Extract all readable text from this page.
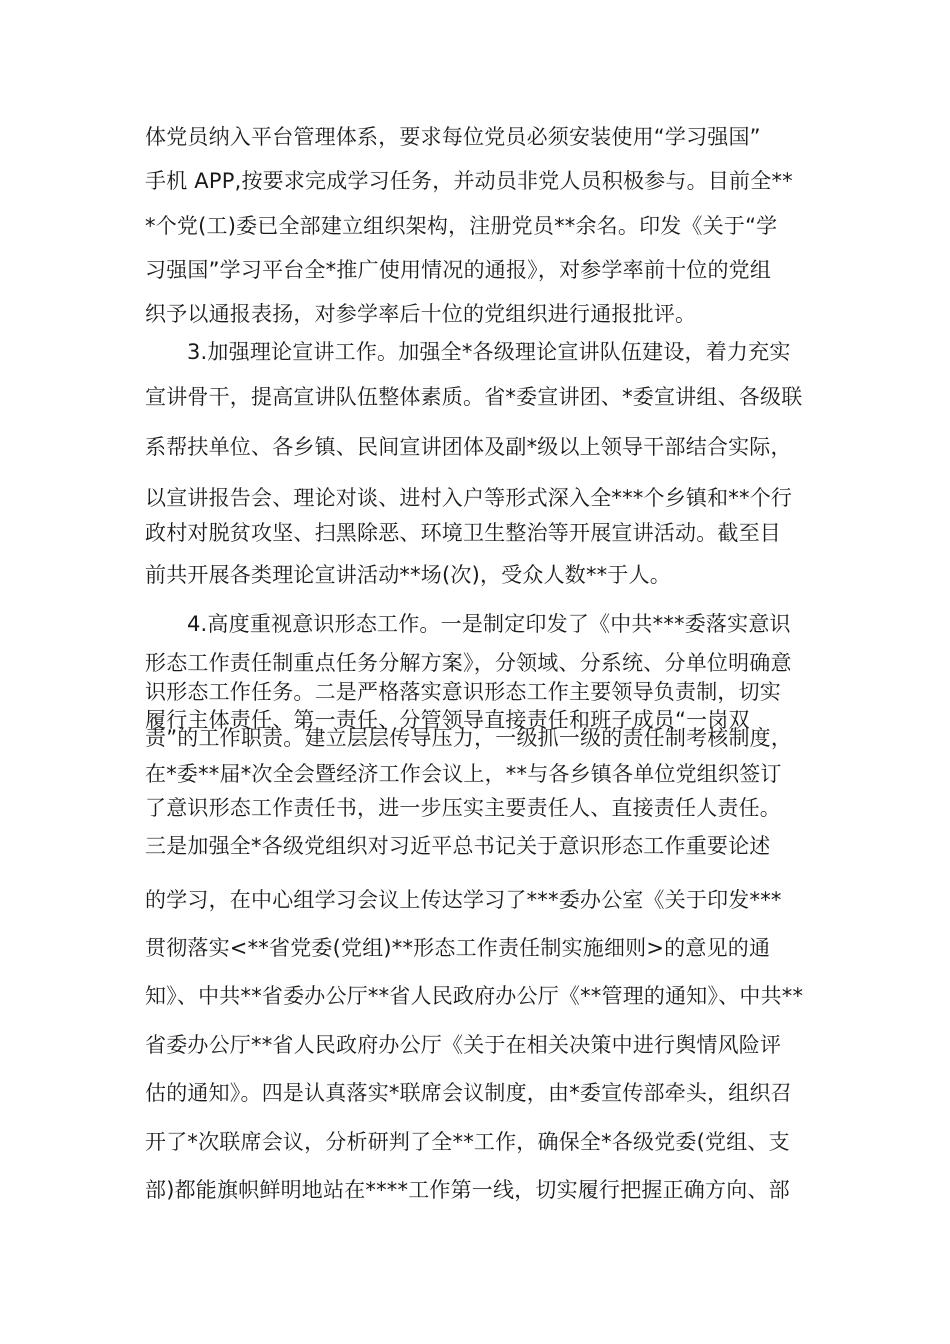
体党员纳入平台管理体系，要求每位党员必须安装使用“学习强国”
手机 APP,按要求完成学习任务，并动员非党人员积极参与。目前全**
*个党(工)委已全部建立组织架构，注册党员**余名。印发《关于“学
习强国”学习平台全*推广使用情况的通报》，对参学率前十位的党组
织予以通报表扬，对参学率后十位的党组织进行通报批评。
3.加强理论宣讲工作。加强全*各级理论宣讲队伍建设，着力充实
宣讲骨干，提高宣讲队伍整体素质。省*委宣讲团、*委宣讲组、各级联
系帮扶单位、各乡镇、民间宣讲团体及副*级以上领导干部结合实际，
以宣讲报告会、理论对谈、进村入户等形式深入全***个乡镇和**个行
政村对脱贫攻坚、扫黑除恶、环境卫生整治等开展宣讲活动。截至目
前共开展各类理论宣讲活动**场(次)，受众人数**于人。
4.高度重视意识形态工作。一是制定印发了《中共***委落实意识
形态工作责任制重点任务分解方案》，分领域、分系统、分单位明确意
识形态工作任务。二是严格落实意识形态工作主要领导负责制，切实
履行主体责任、第一责任、分管领导直接责任和班子成员“一岗双
责”的工作职责。建立层层传导压力，一级抓一级的责任制考核制度，
在*委**届*次全会暨经济工作会议上，**与各乡镇各单位党组织签订
了意识形态工作责任书，进一步压实主要责任人、直接责任人责任。
三是加强全*各级党组织对习近平总书记关于意识形态工作重要论述
的学习，在中心组学习会议上传达学习了***委办公室《关于印发***
贯彻落实<**省党委(党组)**形态工作责任制实施细则>的意见的通
知》、中共**省委办公厅**省人民政府办公厅《**管理的通知》、中共**
省委办公厅**省人民政府办公厅《关于在相关决策中进行舆情风险评
估的通知》。四是认真落实*联席会议制度，由*委宣传部牵头，组织召
开了*次联席会议，分析研判了全**工作，确保全*各级党委(党组、支
部)都能旗帜鲜明地站在****工作第一线，切实履行把握正确方向、部
